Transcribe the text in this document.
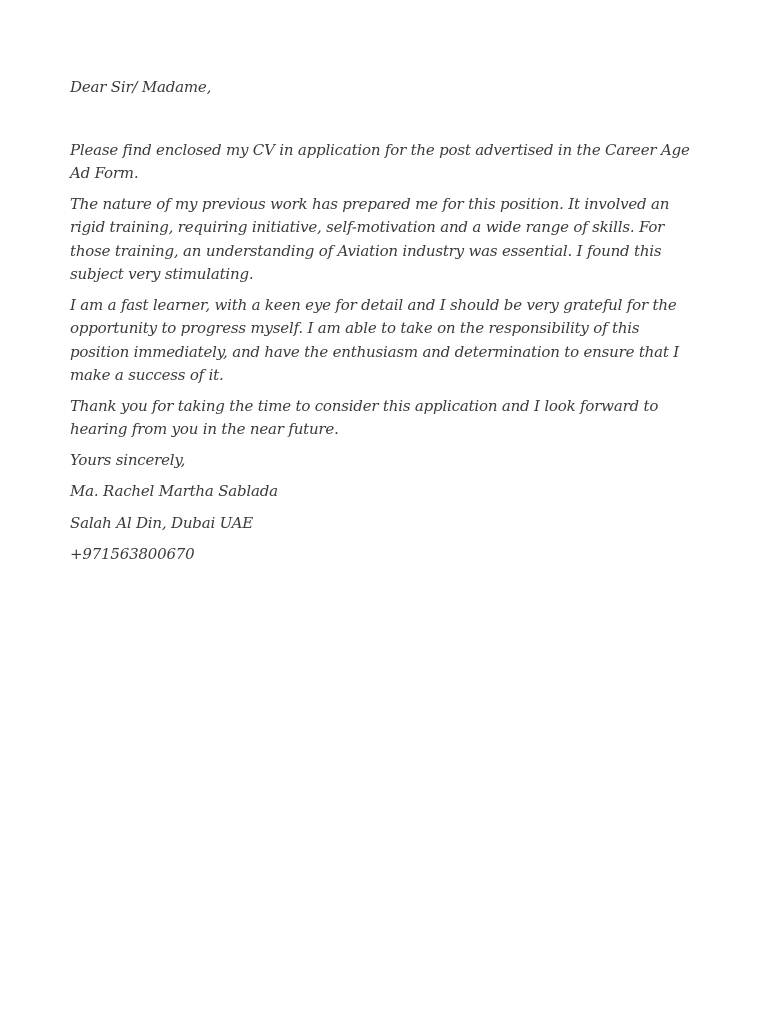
Dear Sir/ Madame,

Please find enclosed my CV in application for the post advertised in the Career Age Ad Form.

The nature of my previous work has prepared me for this position. It involved an rigid training, requiring initiative, self-motivation and a wide range of skills. For those training, an understanding of Aviation industry was essential. I found this subject very stimulating.

I am a fast learner, with a keen eye for detail and I should be very grateful for the opportunity to progress myself. I am able to take on the responsibility of this position immediately, and have the enthusiasm and determination to ensure that I make a success of it.

Thank you for taking the time to consider this application and I look forward to hearing from you in the near future.

Yours sincerely,

Ma. Rachel Martha Sablada

Salah Al Din, Dubai UAE

+971563800670
